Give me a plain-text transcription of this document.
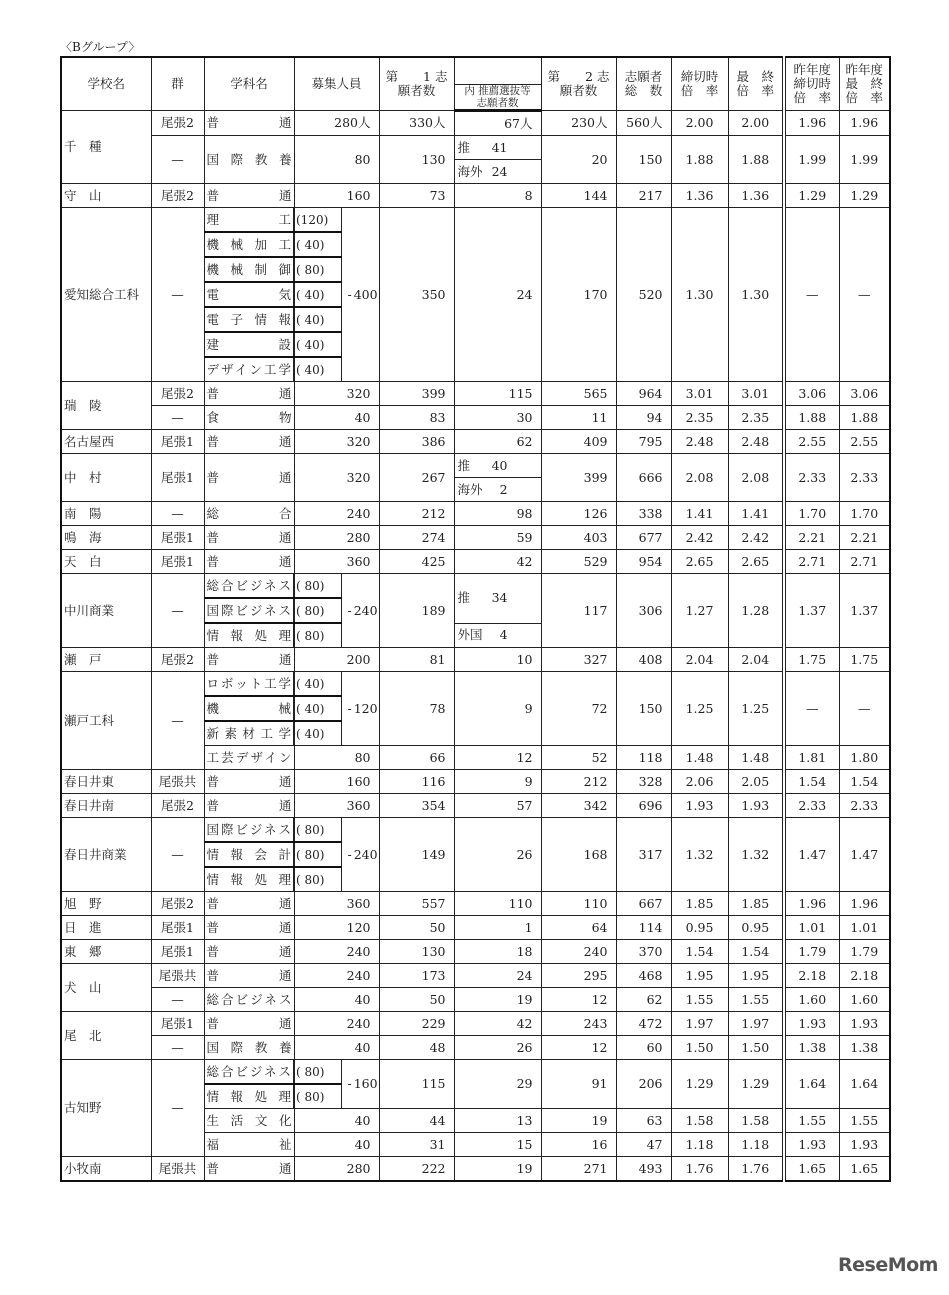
〈Bグループ〉
学校名	群	学科名	募集人員		第　　1 志願者数		第　　2 志願者数	志願者 総　数	締切時 倍　率	最　終 倍　率	昨年度 締切時 倍　率	昨年度 最　終 倍　率
						内 推薦選抜等 志願者数						
千　種	尾張2	普通	280人		330人	67人	230人	560人	2.00	2.00	1.96	1.96
	—	国際教養	80		130	推 41	20	150	1.88	1.88	1.99	1.99

						海外 24						

守　山	尾張2	普通	160		73	8	144	217	1.36	1.36	1.29	1.29
愛知総合工科	—	理工	(120)	- 400	350	24	170	520	1.30	1.30	—	—
		機械加工	( 40)									
		機械制御	( 80)									
		電気	( 40)									
		電子情報	( 40)									
		建設	( 40)									
		デザイン工学	( 40)									
瑞　陵	尾張2	普通	320		399	115	565	964	3.01	3.01	3.06	3.06
	—	食物	40		83	30	11	94	2.35	2.35	1.88	1.88
名古屋西	尾張1	普通	320		386	62	409	795	2.48	2.48	2.55	2.55
中　村	尾張1	普通	320		267	推 40	399	666	2.08	2.08	2.33	2.33

						海外 2						

南　陽	—	総合	240		212	98	126	338	1.41	1.41	1.70	1.70
鳴　海	尾張1	普通	280		274	59	403	677	2.42	2.42	2.21	2.21
天　白	尾張1	普通	360		425	42	529	954	2.65	2.65	2.71	2.71
中川商業	—	総合ビジネス	( 80)	- 240	189	推 34	117	306	1.27	1.28	1.37	1.37
		国際ビジネス	( 80)									
		情報処理	( 80)			外国 4						

瀬　戸	尾張2	普通	200		81	10	327	408	2.04	2.04	1.75	1.75
瀬戸工科	—	ロボット工学	( 40)	- 120	78	9	72	150	1.25	1.25	—	—
		機械	( 40)									
		新素材工学	( 40)									
		工芸デザイン	80		66	12	52	118	1.48	1.48	1.81	1.80
春日井東	尾張共	普通	160		116	9	212	328	2.06	2.05	1.54	1.54
春日井南	尾張2	普通	360		354	57	342	696	1.93	1.93	2.33	2.33
春日井商業	—	国際ビジネス	( 80)	- 240	149	26	168	317	1.32	1.32	1.47	1.47
		情報会計	( 80)									
		情報処理	( 80)									
旭　野	尾張2	普通	360		557	110	110	667	1.85	1.85	1.96	1.96
日　進	尾張1	普通	120		50	1	64	114	0.95	0.95	1.01	1.01
東　郷	尾張1	普通	240		130	18	240	370	1.54	1.54	1.79	1.79
犬　山	尾張共	普通	240		173	24	295	468	1.95	1.95	2.18	2.18
	—	総合ビジネス	40		50	19	12	62	1.55	1.55	1.60	1.60
尾　北	尾張1	普通	240		229	42	243	472	1.97	1.97	1.93	1.93
	—	国際教養	40		48	26	12	60	1.50	1.50	1.38	1.38
古知野	—	総合ビジネス	( 80)	- 160	115	29	91	206	1.29	1.29	1.64	1.64
		情報処理	( 80)									
		生活文化	40		44	13	19	63	1.58	1.58	1.55	1.55
		福祉	40		31	15	16	47	1.18	1.18	1.93	1.93
小牧南	尾張共	普通	280		222	19	271	493	1.76	1.76	1.65	1.65
ReseMom
